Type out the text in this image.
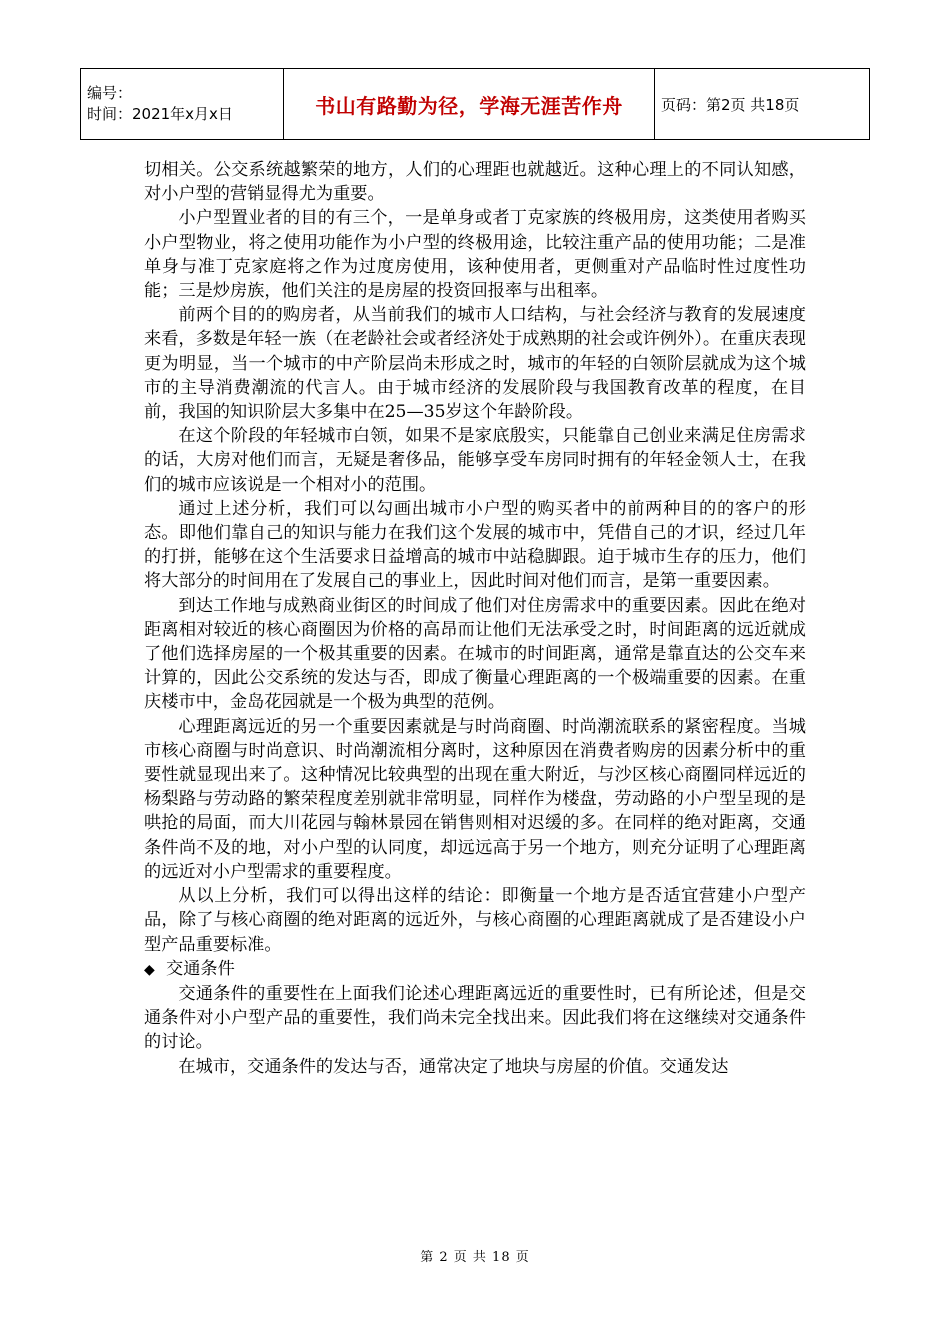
编号：
时间：2021年x月x日	书山有路勤为径，学海无涯苦作舟	页码：第2页 共18页

切相关。公交系统越繁荣的地方，人们的心理距也就越近。这种心理上的不同认知感，对小户型的营销显得尤为重要。

小户型置业者的目的有三个，一是单身或者丁克家族的终极用房，这类使用者购买小户型物业，将之使用功能作为小户型的终极用途，比较注重产品的使用功能；二是准单身与准丁克家庭将之作为过度房使用，该种使用者，更侧重对产品临时性过度性功能；三是炒房族，他们关注的是房屋的投资回报率与出租率。

前两个目的的购房者，从当前我们的城市人口结构，与社会经济与教育的发展速度来看，多数是年轻一族（在老龄社会或者经济处于成熟期的社会或许例外）。在重庆表现更为明显，当一个城市的中产阶层尚未形成之时，城市的年轻的白领阶层就成为这个城市的主导消费潮流的代言人。由于城市经济的发展阶段与我国教育改革的程度，在目前，我国的知识阶层大多集中在25—35岁这个年龄阶段。

在这个阶段的年轻城市白领，如果不是家底殷实，只能靠自己创业来满足住房需求的话，大房对他们而言，无疑是奢侈品，能够享受车房同时拥有的年轻金领人士，在我们的城市应该说是一个相对小的范围。

通过上述分析，我们可以勾画出城市小户型的购买者中的前两种目的的客户的形态。即他们靠自己的知识与能力在我们这个发展的城市中，凭借自己的才识，经过几年的打拼，能够在这个生活要求日益增高的城市中站稳脚跟。迫于城市生存的压力，他们将大部分的时间用在了发展自己的事业上，因此时间对他们而言，是第一重要因素。

到达工作地与成熟商业街区的时间成了他们对住房需求中的重要因素。因此在绝对距离相对较近的核心商圈因为价格的高昂而让他们无法承受之时，时间距离的远近就成了他们选择房屋的一个极其重要的因素。在城市的时间距离，通常是靠直达的公交车来计算的，因此公交系统的发达与否，即成了衡量心理距离的一个极端重要的因素。在重庆楼市中，金岛花园就是一个极为典型的范例。

心理距离远近的另一个重要因素就是与时尚商圈、时尚潮流联系的紧密程度。当城市核心商圈与时尚意识、时尚潮流相分离时，这种原因在消费者购房的因素分析中的重要性就显现出来了。这种情况比较典型的出现在重大附近，与沙区核心商圈同样远近的杨梨路与劳动路的繁荣程度差别就非常明显，同样作为楼盘，劳动路的小户型呈现的是哄抢的局面，而大川花园与翰林景园在销售则相对迟缓的多。在同样的绝对距离，交通条件尚不及的地，对小户型的认同度，却远远高于另一个地方，则充分证明了心理距离的远近对小户型需求的重要程度。

从以上分析，我们可以得出这样的结论：即衡量一个地方是否适宜营建小户型产品，除了与核心商圈的绝对距离的远近外，与核心商圈的心理距离就成了是否建设小户型产品重要标准。

◆ 交通条件

交通条件的重要性在上面我们论述心理距离远近的重要性时，已有所论述，但是交通条件对小户型产品的重要性，我们尚未完全找出来。因此我们将在这继续对交通条件的讨论。

在城市，交通条件的发达与否，通常决定了地块与房屋的价值。交通发达

第 2 页 共 18 页
